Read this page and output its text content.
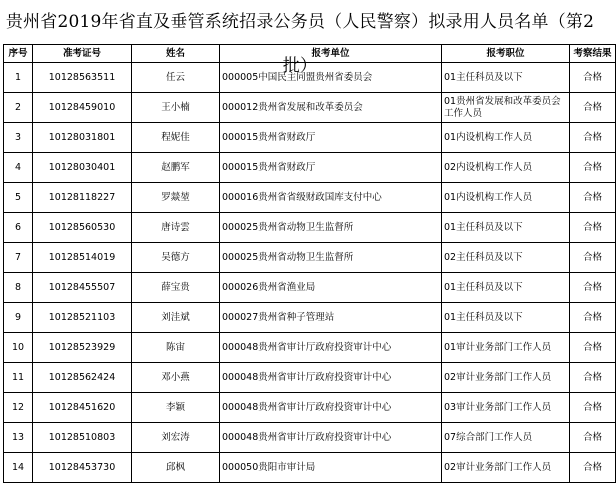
贵州省2019年省直及垂管系统招录公务员（人民警察）拟录用人员名单（第2批）
序号	准考证号	姓名	报考单位	报考职位	考察结果
1	10128563511	任云	000005中国民主同盟贵州省委员会	01主任科员及以下	合格
2	10128459010	王小楠	000012贵州省发展和改革委员会	01贵州省发展和改革委员会工作人员	合格
3	10128031801	程妮佳	000015贵州省财政厅	01内设机构工作人员	合格
4	10128030401	赵鹏军	000015贵州省财政厅	02内设机构工作人员	合格
5	10128118227	罗燚堃	000016贵州省省级财政国库支付中心	01内设机构工作人员	合格
6	10128560530	唐诗雲	000025贵州省动物卫生监督所	01主任科员及以下	合格
7	10128514019	吴德方	000025贵州省动物卫生监督所	02主任科员及以下	合格
8	10128455507	薛宝贵	000026贵州省渔业局	01主任科员及以下	合格
9	10128521103	刘洼斌	000027贵州省种子管理站	01主任科员及以下	合格
10	10128523929	陈宙	000048贵州省审计厅政府投资审计中心	01审计业务部门工作人员	合格
11	10128562424	邓小燕	000048贵州省审计厅政府投资审计中心	02审计业务部门工作人员	合格
12	10128451620	李颖	000048贵州省审计厅政府投资审计中心	03审计业务部门工作人员	合格
13	10128510803	刘宏涛	000048贵州省审计厅政府投资审计中心	07综合部门工作人员	合格
14	10128453730	邱枫	000050贵阳市审计局	02审计业务部门工作人员	合格
